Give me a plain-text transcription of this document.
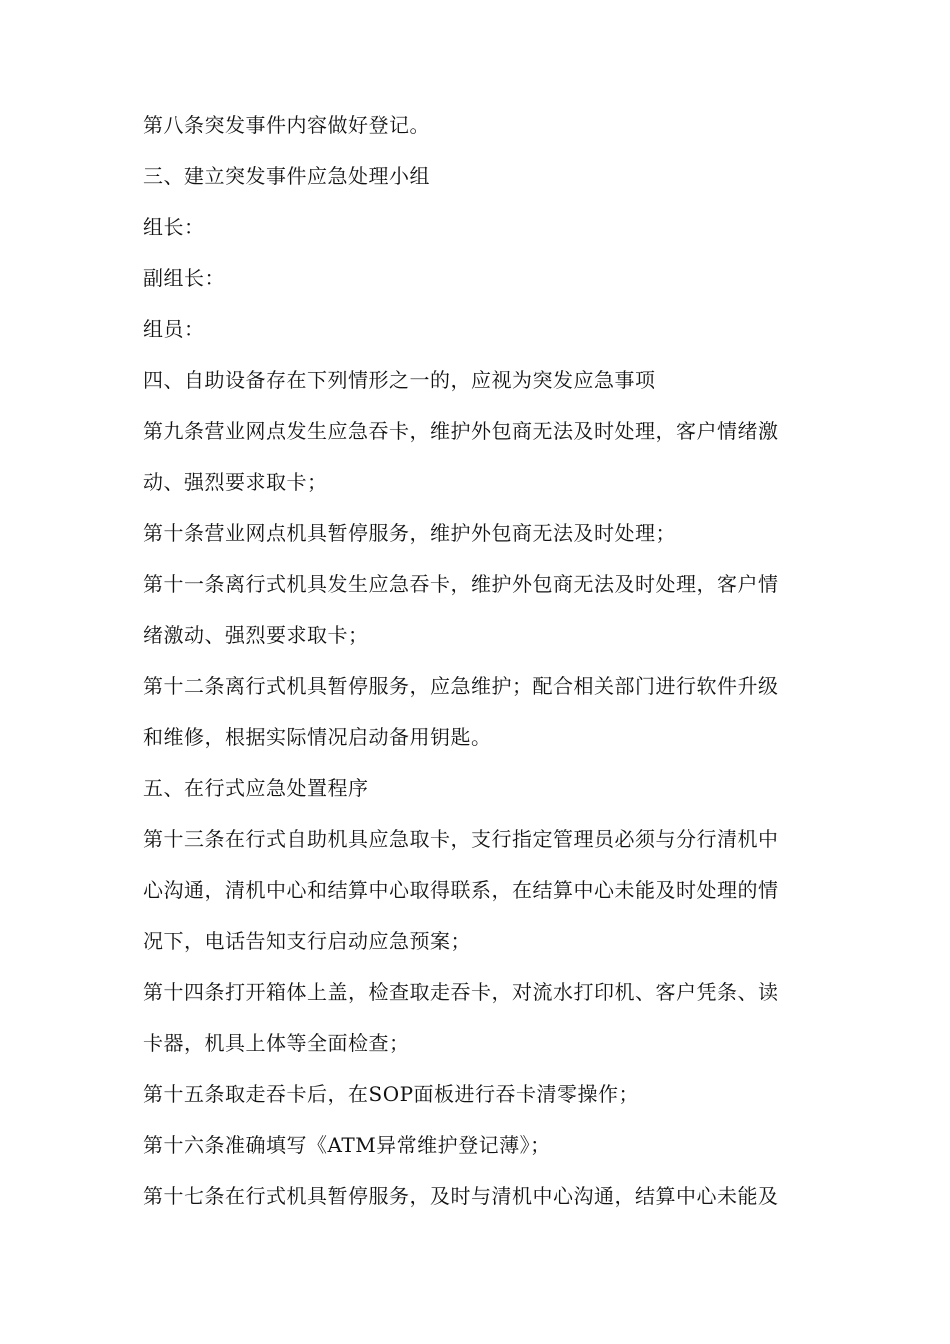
第八条突发事件内容做好登记。

三、建立突发事件应急处理小组

组长：

副组长：

组员：

四、自助设备存在下列情形之一的，应视为突发应急事项

第九条营业网点发生应急吞卡，维护外包商无法及时处理，客户情绪激

动、强烈要求取卡；

第十条营业网点机具暂停服务，维护外包商无法及时处理；

第十一条离行式机具发生应急吞卡，维护外包商无法及时处理，客户情

绪激动、强烈要求取卡；

第十二条离行式机具暂停服务，应急维护；配合相关部门进行软件升级

和维修，根据实际情况启动备用钥匙。

五、在行式应急处置程序

第十三条在行式自助机具应急取卡，支行指定管理员必须与分行清机中

心沟通，清机中心和结算中心取得联系，在结算中心未能及时处理的情

况下，电话告知支行启动应急预案；

第十四条打开箱体上盖，检查取走吞卡，对流水打印机、客户凭条、读

卡器，机具上体等全面检查；

第十五条取走吞卡后，在SOP面板进行吞卡清零操作；

第十六条准确填写《ATM异常维护登记薄》；

第十七条在行式机具暂停服务，及时与清机中心沟通，结算中心未能及
